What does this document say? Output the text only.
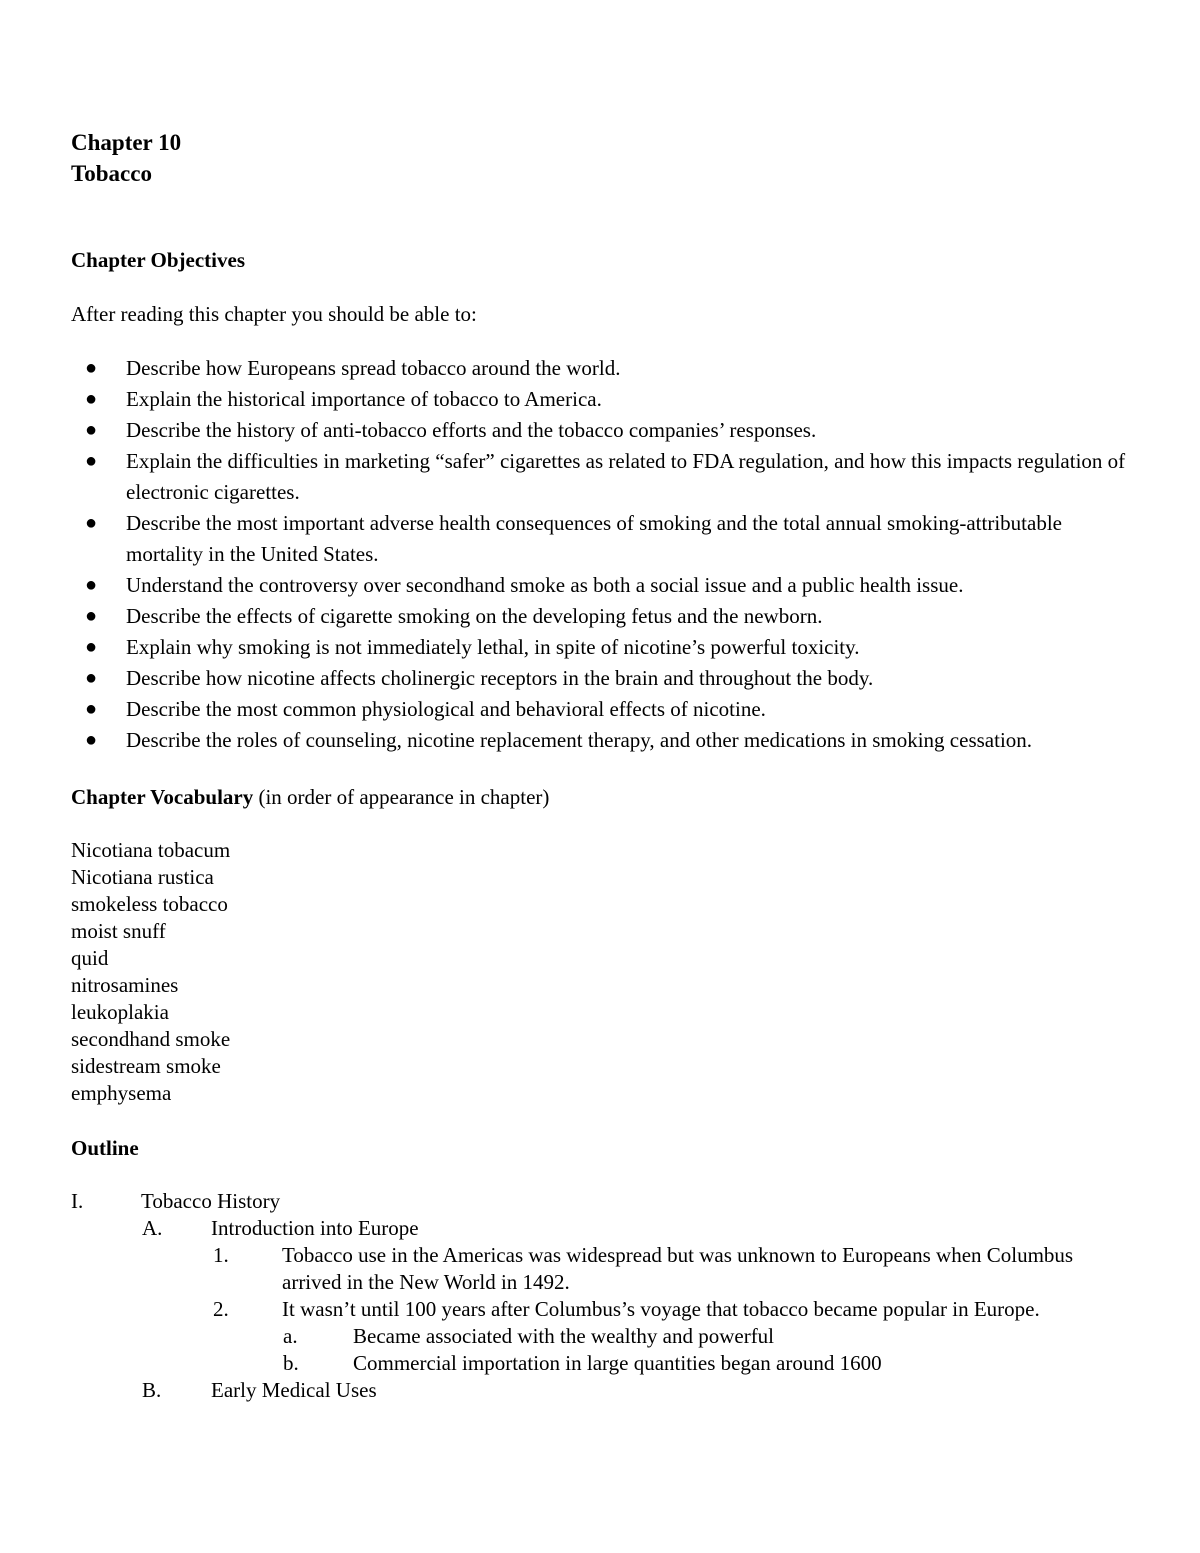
Chapter 10
Tobacco
Chapter Objectives
After reading this chapter you should be able to:
● Describe how Europeans spread tobacco around the world.
● Explain the historical importance of tobacco to America.
● Describe the history of anti-tobacco efforts and the tobacco companies’ responses.
● Explain the difficulties in marketing “safer” cigarettes as related to FDA regulation, and how this impacts regulation of electronic cigarettes.
● Describe the most important adverse health consequences of smoking and the total annual smoking-attributable mortality in the United States.
● Understand the controversy over secondhand smoke as both a social issue and a public health issue.
● Describe the effects of cigarette smoking on the developing fetus and the newborn.
● Explain why smoking is not immediately lethal, in spite of nicotine’s powerful toxicity.
● Describe how nicotine affects cholinergic receptors in the brain and throughout the body.
● Describe the most common physiological and behavioral effects of nicotine.
● Describe the roles of counseling, nicotine replacement therapy, and other medications in smoking cessation.
Chapter Vocabulary (in order of appearance in chapter)
Nicotiana tobacum
Nicotiana rustica
smokeless tobacco
moist snuff
quid
nitrosamines
leukoplakia
secondhand smoke
sidestream smoke
emphysema
Outline
I.	Tobacco History
A. Introduction into Europe
1.	Tobacco use in the Americas was widespread but was unknown to Europeans when Columbus arrived in the New World in 1492.
2.	It wasn’t until 100 years after Columbus’s voyage that tobacco became popular in Europe.
a.	Became associated with the wealthy and powerful
b.	Commercial importation in large quantities began around 1600
B. Early Medical Uses
